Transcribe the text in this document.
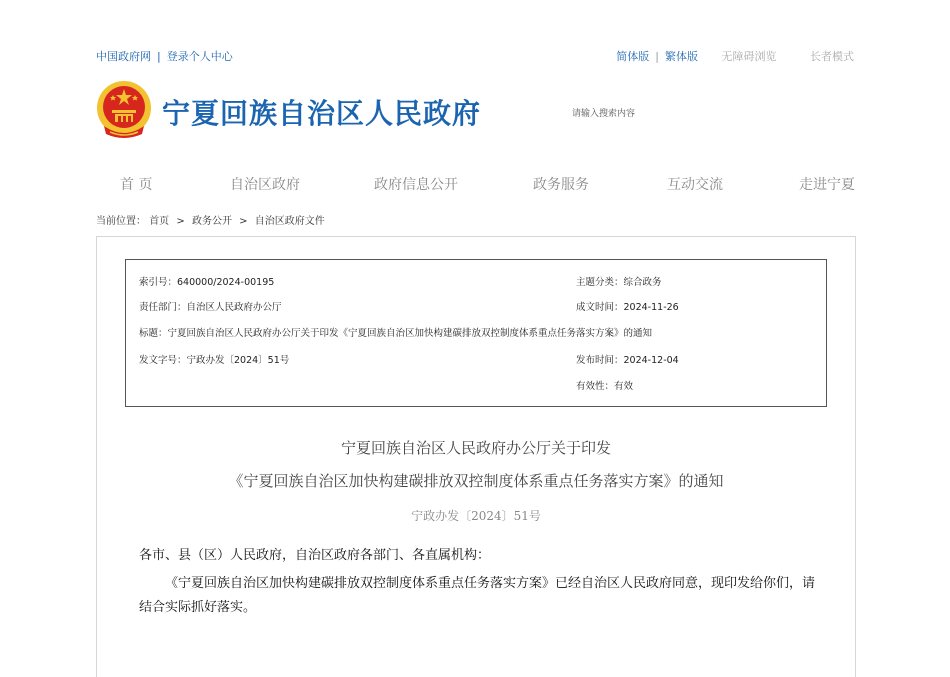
中国政府网 | 登录个人中心	简体版 | 繁体版 无障碍浏览	长者模式
宁夏回族自治区人民政府	请输入搜索内容
首 页	自治区政府	政府信息公开	政务服务	互动交流	走进宁夏
当前位置： 首页 > 政务公开 > 自治区政府文件
索引号：640000/2024-00195	主题分类：综合政务
责任部门：自治区人民政府办公厅	成文时间：2024-11-26
标题：宁夏回族自治区人民政府办公厅关于印发《宁夏回族自治区加快构建碳排放双控制度体系重点任务落实方案》的通知
发文字号：宁政办发〔2024〕51号	发布时间：2024-12-04
有效性：有效
宁夏回族自治区人民政府办公厅关于印发
《宁夏回族自治区加快构建碳排放双控制度体系重点任务落实方案》的通知
宁政办发〔2024〕51号
各市、县（区）人民政府，自治区政府各部门、各直属机构：
《宁夏回族自治区加快构建碳排放双控制度体系重点任务落实方案》已经自治区人民政府同意，现印发给你们，请结合实际抓好落实。
